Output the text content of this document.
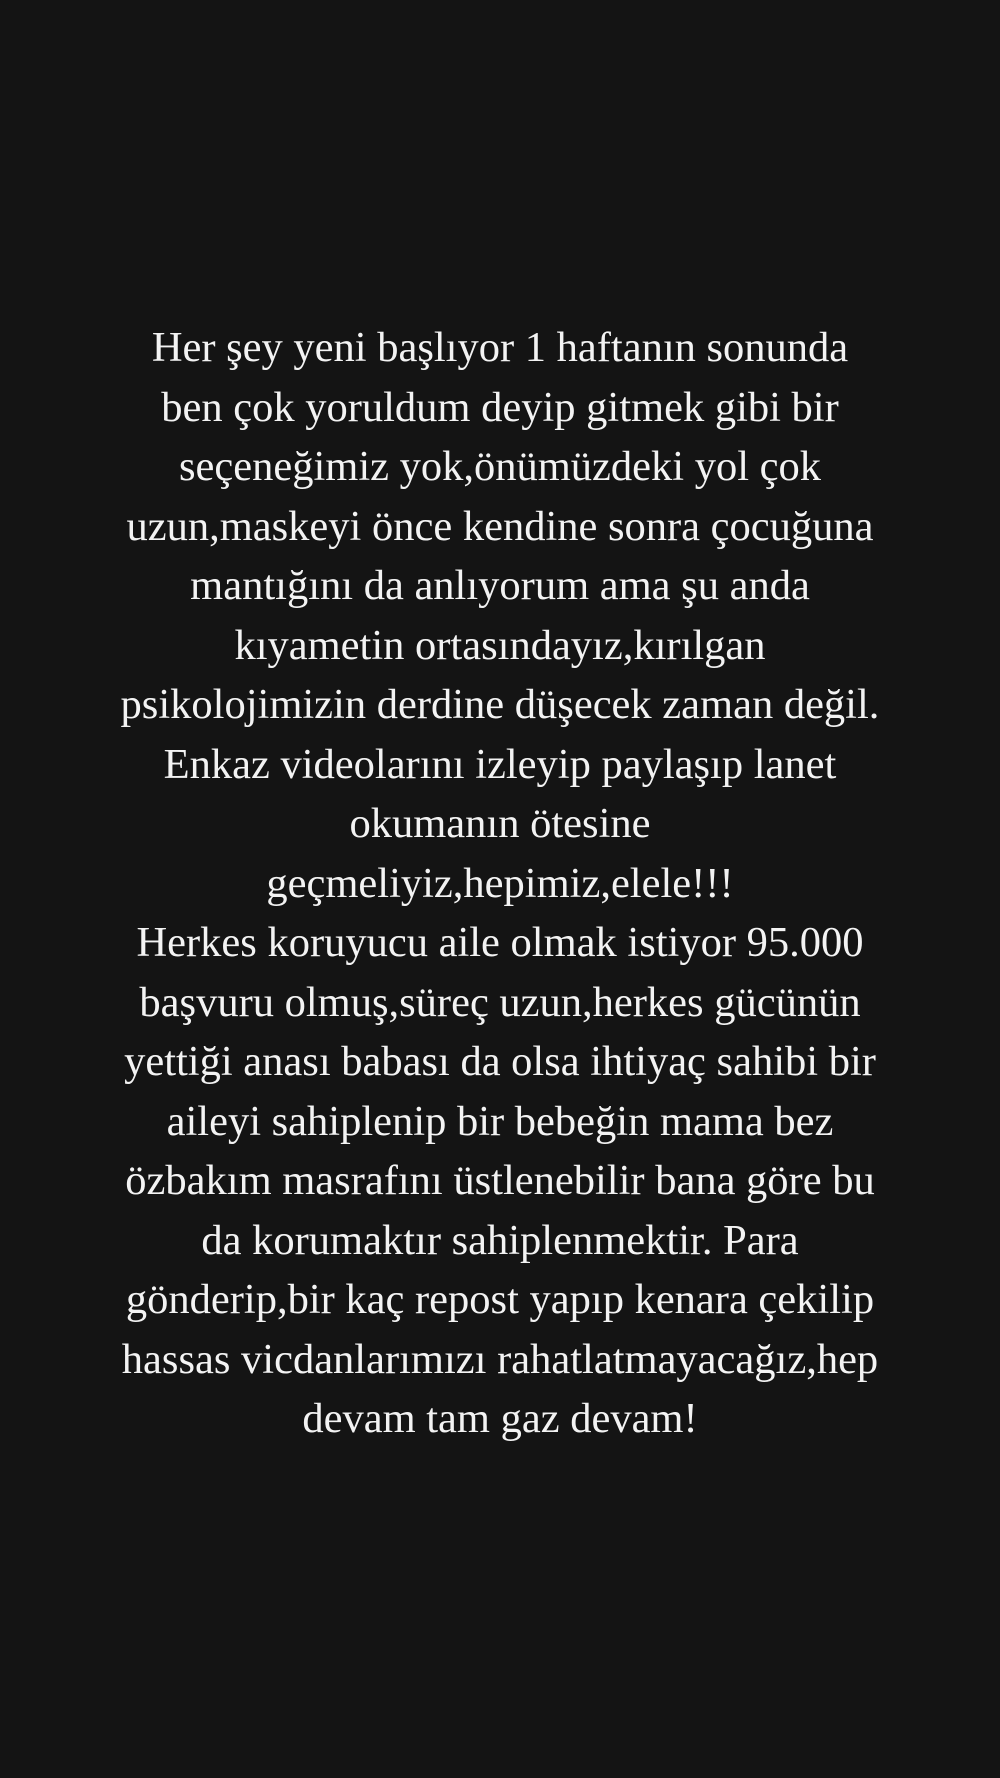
Her şey yeni başlıyor 1 haftanın sonunda
ben çok yoruldum deyip gitmek gibi bir
seçeneğimiz yok,önümüzdeki yol çok
uzun,maskeyi önce kendine sonra çocuğuna
mantığını da anlıyorum ama şu anda
kıyametin ortasındayız,kırılgan
psikolojimizin derdine düşecek zaman değil.
Enkaz videolarını izleyip paylaşıp lanet
okumanın ötesine
geçmeliyiz,hepimiz,elele!!!
Herkes koruyucu aile olmak istiyor 95.000
başvuru olmuş,süreç uzun,herkes gücünün
yettiği anası babası da olsa ihtiyaç sahibi bir
aileyi sahiplenip bir bebeğin mama bez
özbakım masrafını üstlenebilir bana göre bu
da korumaktır sahiplenmektir. Para
gönderip,bir kaç repost yapıp kenara çekilip
hassas vicdanlarımızı rahatlatmayacağız,hep
devam tam gaz devam!
